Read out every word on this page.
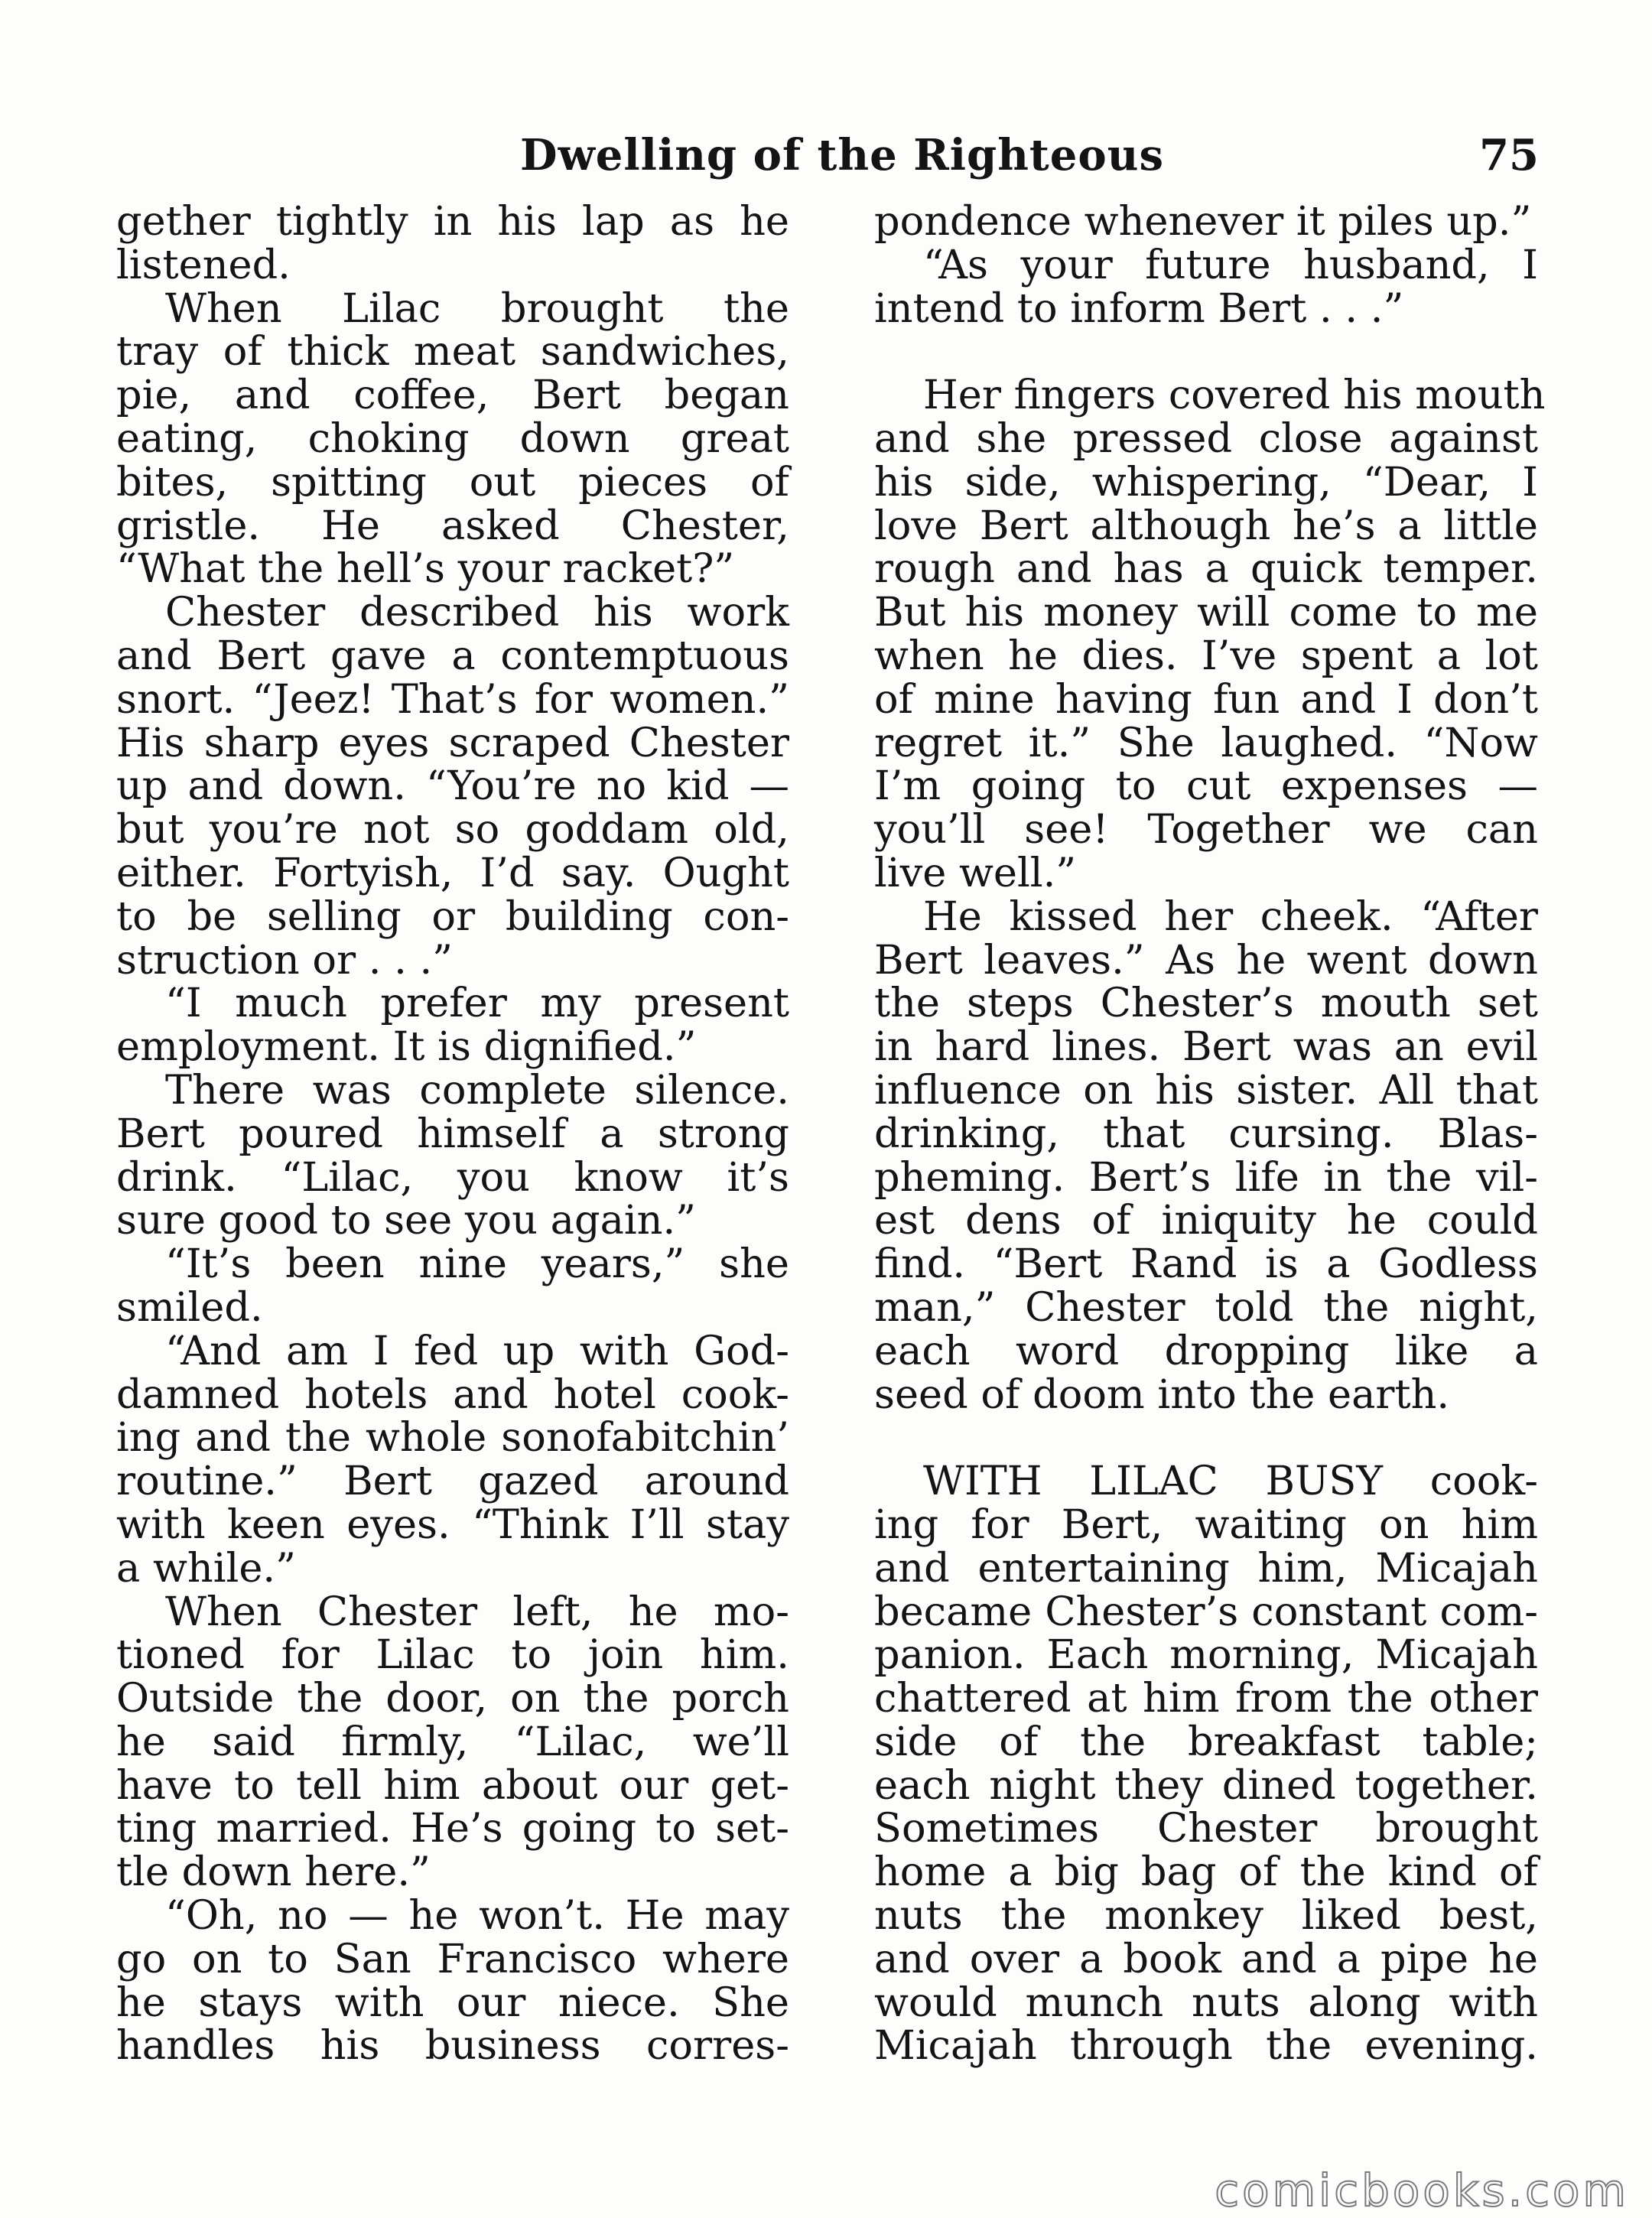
Dwelling of the Righteous	75
gether tightly in his lap as he
listened.
When Lilac brought the
tray of thick meat sandwiches,
pie, and coffee, Bert began
eating, choking down great
bites, spitting out pieces of
gristle. He asked Chester,
“What the hell’s your racket?”
Chester described his work
and Bert gave a contemptuous
snort. “Jeez! That’s for women.”
His sharp eyes scraped Chester
up and down. “You’re no kid —
but you’re not so goddam old,
either. Fortyish, I’d say. Ought
to be selling or building con-
struction or . . .”
“I much prefer my present
employment. It is dignified.”
There was complete silence.
Bert poured himself a strong
drink. “Lilac, you know it’s
sure good to see you again.”
“It’s been nine years,” she
smiled.
“And am I fed up with God-
damned hotels and hotel cook-
ing and the whole sonofabitchin’
routine.” Bert gazed around
with keen eyes. “Think I’ll stay
a while.”
When Chester left, he mo-
tioned for Lilac to join him.
Outside the door, on the porch
he said firmly, “Lilac, we’ll
have to tell him about our get-
ting married. He’s going to set-
tle down here.”
“Oh, no — he won’t. He may
go on to San Francisco where
he stays with our niece. She
handles his business corres-
pondence whenever it piles up.”
“As your future husband, I
intend to inform Bert . . .”
Her fingers covered his mouth
and she pressed close against
his side, whispering, “Dear, I
love Bert although he’s a little
rough and has a quick temper.
But his money will come to me
when he dies. I’ve spent a lot
of mine having fun and I don’t
regret it.” She laughed. “Now
I’m going to cut expenses —
you’ll see! Together we can
live well.”
He kissed her cheek. “After
Bert leaves.” As he went down
the steps Chester’s mouth set
in hard lines. Bert was an evil
influence on his sister. All that
drinking, that cursing. Blas-
pheming. Bert’s life in the vil-
est dens of iniquity he could
find. “Bert Rand is a Godless
man,” Chester told the night,
each word dropping like a
seed of doom into the earth.
WITH LILAC BUSY cook-
ing for Bert, waiting on him
and entertaining him, Micajah
became Chester’s constant com-
panion. Each morning, Micajah
chattered at him from the other
side of the breakfast table;
each night they dined together.
Sometimes Chester brought
home a big bag of the kind of
nuts the monkey liked best,
and over a book and a pipe he
would munch nuts along with
Micajah through the evening.
comicbooks.com
